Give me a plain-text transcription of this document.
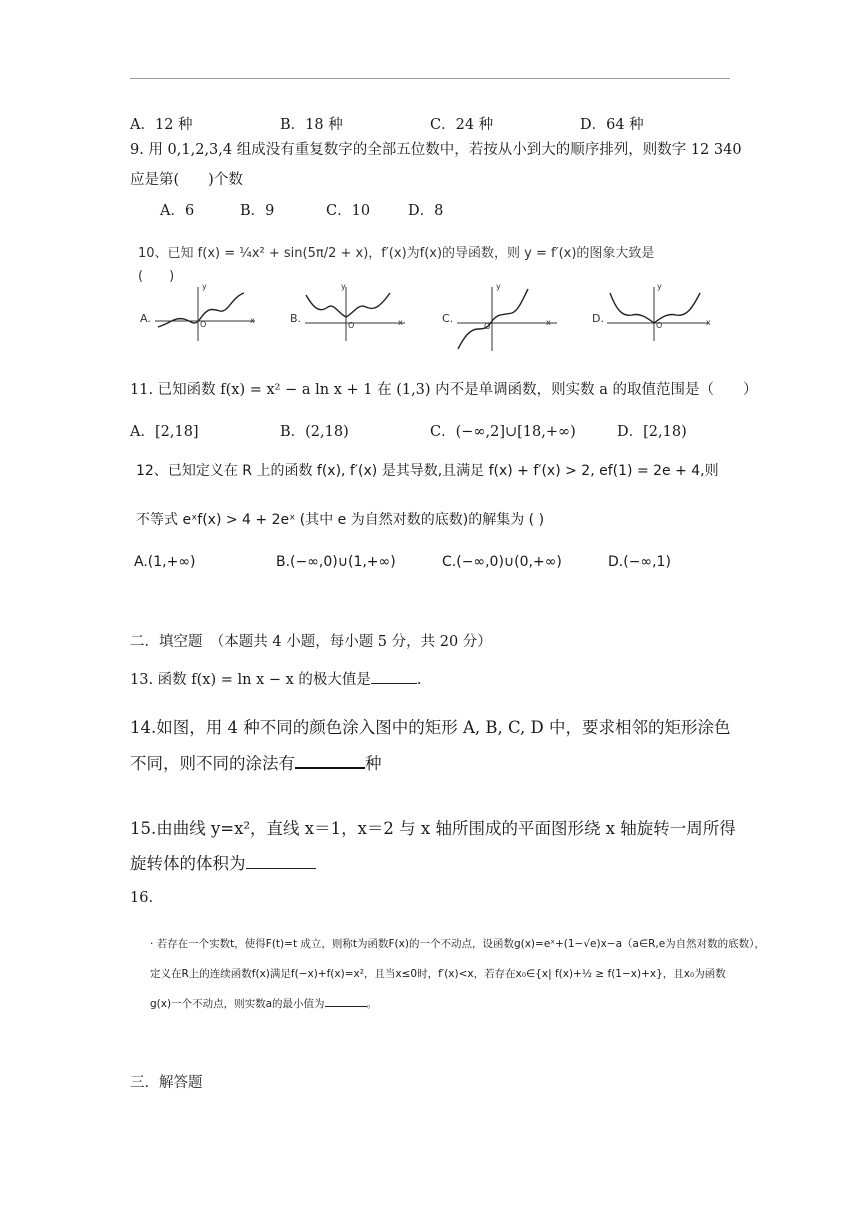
A．12 种	B．18 种	C．24 种	D．64 种
9. 用 0,1,2,3,4 组成没有重复数字的全部五位数中，若按从小到大的顺序排列，则数字 12 340
应是第(　　)个数
A．6	B．9	C．10	D．8
10、已知 f(x) = ¼x² + sin(5π/2 + x)，f′(x)为f(x)的导函数，则 y = f′(x)的图象大致是
(　　)
A.
y
x
O	B.
y
x
O
C.
y
x
O
D.
y
x
O
11. 已知函数 f(x) = x² − a ln x + 1 在 (1,3) 内不是单调函数，则实数 a 的取值范围是（　　）
A．[2,18]	B．(2,18)	C．(−∞,2]∪[18,+∞)	D．[2,18)
12、已知定义在 R 上的函数 f(x), f′(x) 是其导数,且满足 f(x) + f′(x) > 2, ef(1) = 2e + 4,则
不等式 eˣf(x) > 4 + 2eˣ (其中 e 为自然对数的底数)的解集为 ( )
A.(1,+∞)	B.(−∞,0)∪(1,+∞)	C.(−∞,0)∪(0,+∞)	D.(−∞,1)
二．填空题　（本题共 4 小题，每小题 5 分，共 20 分）
13. 函数 f(x) = ln x − x 的极大值是	.
14.如图，用 4 种不同的颜色涂入图中的矩形 A, B, C, D 中，要求相邻的矩形涂色
不同，则不同的涂法有	种
15.由曲线 y=x²，直线 x＝1，x＝2 与 x 轴所围成的平面图形绕 x 轴旋转一周所得
旋转体的体积为
16.
· 若存在一个实数t，使得F(t)=t 成立，则称t为函数F(x)的一个不动点，设函数g(x)=eˣ+(1−√e)x−a（a∈R,e为自然对数的底数），
定义在R上的连续函数f(x)满足f(−x)+f(x)=x²，且当x≤0时，f′(x)<x，若存在x₀∈{x| f(x)+½ ≥ f(1−x)+x}，且x₀为函数
g(x)一个不动点，则实数a的最小值为	。
三．解答题
